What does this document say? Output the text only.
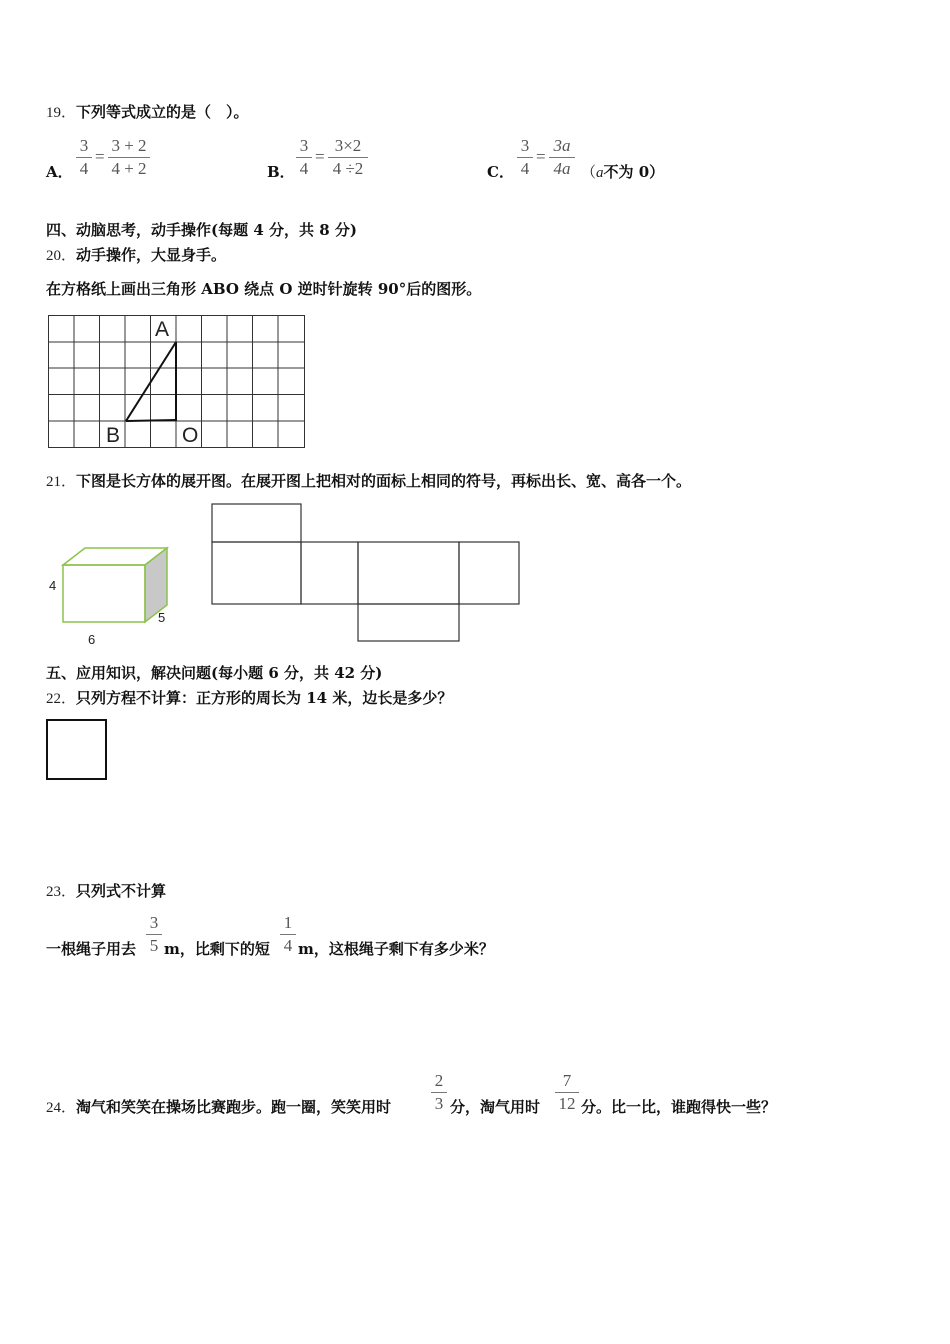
19．下列等式成立的是（　）。
A．
3
4
=
3 + 2
4 + 2	B．
3
4
=
3×2
4 ÷2	C．
3
4
=
3a
4a （a不为 0）
四、动脑思考，动手操作(每题 4 分，共 8 分)
20．动手操作，大显身手。
在方格纸上画出三角形 ABO 绕点 O 逆时针旋转 90°后的图形。
A
B	O
21．下图是长方体的展开图。在展开图上把相对的面标上相同的符号，再标出长、宽、高各一个。
4
5
6
五、应用知识，解决问题(每小题 6 分，共 42 分)
22．只列方程不计算：正方形的周长为 14 米，边长是多少？
23．只列式不计算
一根绳子用去
3
5 m，比剩下的短
1
4 m，这根绳子剩下有多少米？
24．淘气和笑笑在操场比赛跑步。跑一圈，笑笑用时
2
3 分，淘气用时
7
12 分。比一比，谁跑得快一些？
